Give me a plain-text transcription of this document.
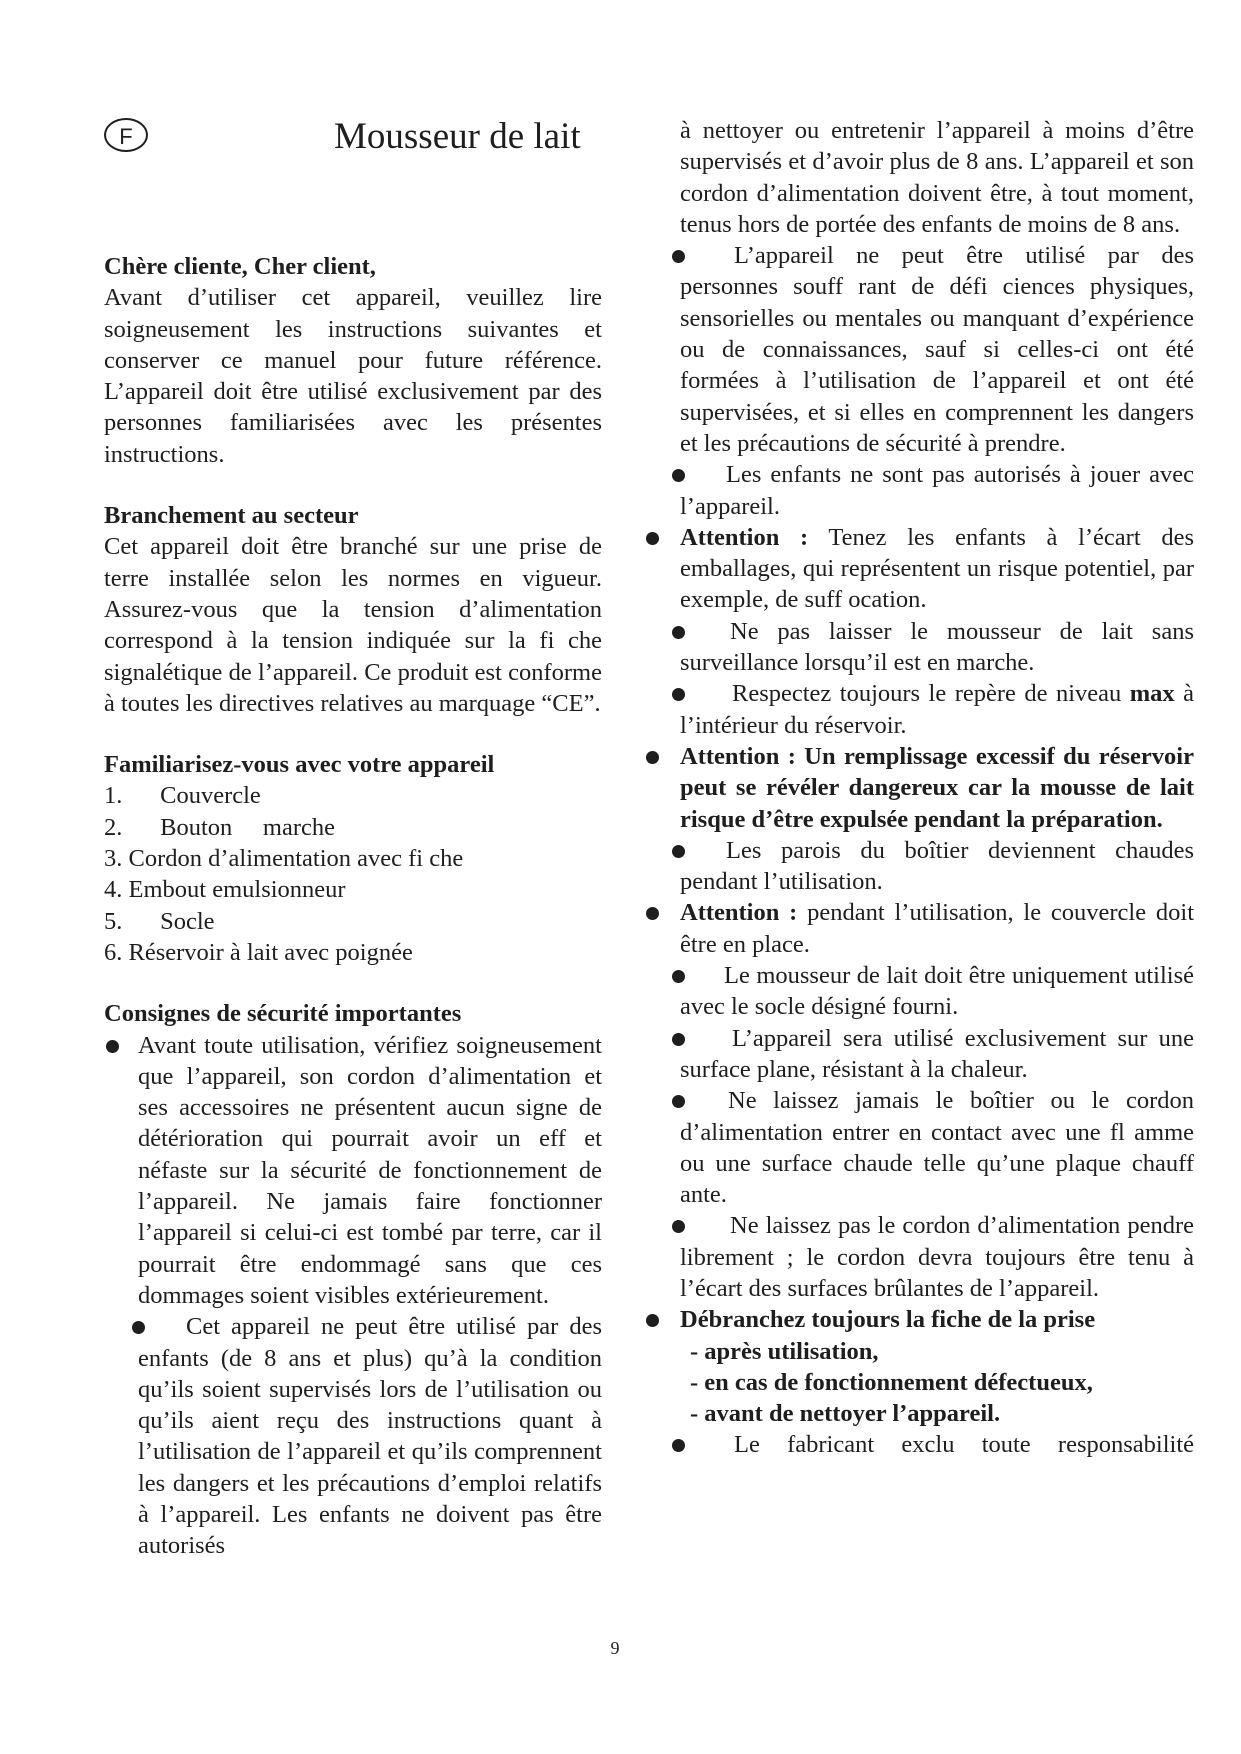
F	Mousseur de lait
Chère cliente, Cher client,

Avant d’utiliser cet appareil, veuillez lire soigneusement les instructions suivantes et conserver ce manuel pour future référence. L’appareil doit être utilisé exclusivement par des personnes familiarisées avec les présentes instructions.

Branchement au secteur

Cet appareil doit être branché sur une prise de terre installée selon les normes en vigueur. Assurez-vous que la tension d’alimentation correspond à la tension indiquée sur la fi che signalétique de l’appareil. Ce produit est conforme à toutes les directives relatives au marquage “CE”.

Familiarisez-vous avec votre appareil
1. Couvercle
2. Bouton     marche
3. Cordon d’alimentation avec fi che
4. Embout emulsionneur
5. Socle
6. Réservoir à lait avec poignée
Consignes de sécurité importantes
Avant toute utilisation, vérifiez soigneusement que l’appareil, son cordon d’alimentation et ses accessoires ne présentent aucun signe de détérioration qui pourrait avoir un eff et néfaste sur la sécurité de fonctionnement de l’appareil. Ne jamais faire fonctionner l’appareil si celui-ci est tombé par terre, car il pourrait être endommagé sans que ces dommages soient visibles extérieurement.
Cet appareil ne peut être utilisé par des enfants (de 8 ans et plus) qu’à la condition qu’ils soient supervisés lors de l’utilisation ou qu’ils aient reçu des instructions quant à l’utilisation de l’appareil et qu’ils comprennent les dangers et les précautions d’emploi relatifs à l’appareil. Les enfants ne doivent pas être autorisés

à nettoyer ou entretenir l’appareil à moins d’être supervisés et d’avoir plus de 8 ans. L’appareil et son cordon d’alimentation doivent être, à tout moment, tenus hors de portée des enfants de moins de 8 ans.

L’appareil ne peut être utilisé par des personnes souff rant de défi ciences physiques, sensorielles ou mentales ou manquant d’expérience ou de connaissances, sauf si celles-ci ont été formées à l’utilisation de l’appareil et ont été supervisées, et si elles en comprennent les dangers et les précautions de sécurité à prendre.
Les enfants ne sont pas autorisés à jouer avec l’appareil.
Attention : Tenez les enfants à l’écart des emballages, qui représentent un risque potentiel, par exemple, de suff ocation.
Ne pas laisser le mousseur de lait sans surveillance lorsqu’il est en marche.
Respectez toujours le repère de niveau max à l’intérieur du réservoir.
Attention : Un remplissage excessif du réservoir peut se révéler dangereux car la mousse de lait risque d’être expulsée pendant la préparation.
Les parois du boîtier deviennent chaudes pendant l’utilisation.
Attention : pendant l’utilisation, le couvercle doit être en place.
Le mousseur de lait doit être uniquement utilisé avec le socle désigné fourni.
L’appareil sera utilisé exclusivement sur une surface plane, résistant à la chaleur.
Ne laissez jamais le boîtier ou le cordon d’alimentation entrer en contact avec une fl amme ou une surface chaude telle qu’une plaque chauff ante.
Ne laissez pas le cordon d’alimentation pendre librement ; le cordon devra toujours être tenu à l’écart des surfaces brûlantes de l’appareil.
Débranchez toujours la fiche de la prise
- après utilisation,
- en cas de fonctionnement défectueux,
- avant de nettoyer l’appareil.
Le fabricant exclu toute responsabilité
9
